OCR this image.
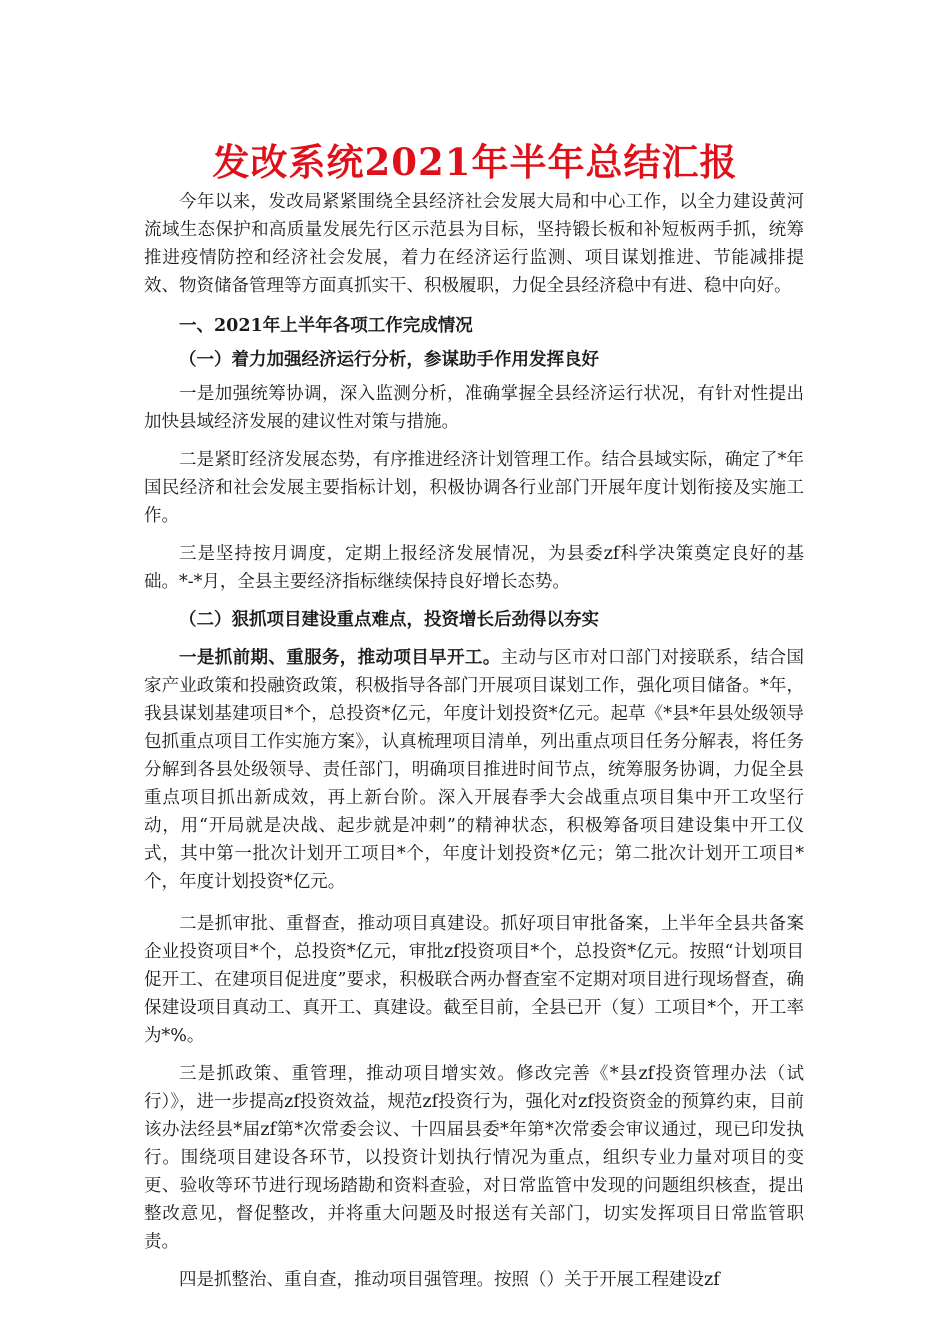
发改系统2021年半年总结汇报

今年以来，发改局紧紧围绕全县经济社会发展大局和中心工作，以全力建设黄河流域生态保护和高质量发展先行区示范县为目标，坚持锻长板和补短板两手抓，统筹推进疫情防控和经济社会发展，着力在经济运行监测、项目谋划推进、节能减排提效、物资储备管理等方面真抓实干、积极履职，力促全县经济稳中有进、稳中向好。

一、2021年上半年各项工作完成情况

（一）着力加强经济运行分析，参谋助手作用发挥良好

一是加强统筹协调，深入监测分析，准确掌握全县经济运行状况，有针对性提出加快县域经济发展的建议性对策与措施。

二是紧盯经济发展态势，有序推进经济计划管理工作。结合县域实际，确定了*年国民经济和社会发展主要指标计划，积极协调各行业部门开展年度计划衔接及实施工作。

三是坚持按月调度，定期上报经济发展情况，为县委zf科学决策奠定良好的基础。*-*月，全县主要经济指标继续保持良好增长态势。

（二）狠抓项目建设重点难点，投资增长后劲得以夯实

一是抓前期、重服务，推动项目早开工。主动与区市对口部门对接联系，结合国家产业政策和投融资政策，积极指导各部门开展项目谋划工作，强化项目储备。*年，我县谋划基建项目*个，总投资*亿元，年度计划投资*亿元。起草《*县*年县处级领导包抓重点项目工作实施方案》，认真梳理项目清单，列出重点项目任务分解表，将任务分解到各县处级领导、责任部门，明确项目推进时间节点，统筹服务协调，力促全县重点项目抓出新成效，再上新台阶。深入开展春季大会战重点项目集中开工攻坚行动，用“开局就是决战、起步就是冲刺”的精神状态，积极筹备项目建设集中开工仪式，其中第一批次计划开工项目*个，年度计划投资*亿元；第二批次计划开工项目*个，年度计划投资*亿元。

二是抓审批、重督查，推动项目真建设。抓好项目审批备案，上半年全县共备案企业投资项目*个，总投资*亿元，审批zf投资项目*个，总投资*亿元。按照“计划项目促开工、在建项目促进度”要求，积极联合两办督查室不定期对项目进行现场督查，确保建设项目真动工、真开工、真建设。截至目前，全县已开（复）工项目*个，开工率为*%。

三是抓政策、重管理，推动项目增实效。修改完善《*县zf投资管理办法（试行）》，进一步提高zf投资效益，规范zf投资行为，强化对zf投资资金的预算约束，目前该办法经县*届zf第*次常委会议、十四届县委*年第*次常委会审议通过，现已印发执行。围绕项目建设各环节，以投资计划执行情况为重点，组织专业力量对项目的变更、验收等环节进行现场踏勘和资料查验，对日常监管中发现的问题组织核查，提出整改意见，督促整改，并将重大问题及时报送有关部门，切实发挥项目日常监管职责。

四是抓整治、重自查，推动项目强管理。按照（）关于开展工程建设zf
